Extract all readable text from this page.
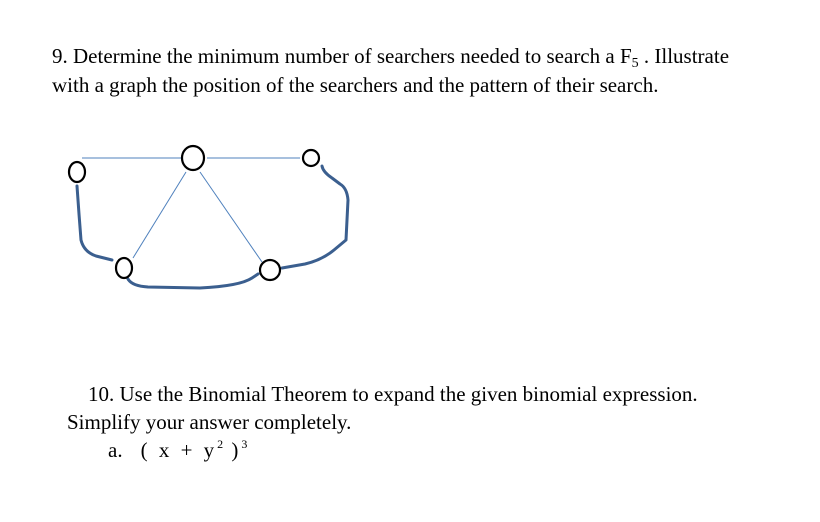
9. Determine the minimum number of searchers needed to search a $F_5$ . Illustrate
with a graph the position of the searchers and the pattern of their search.
10. Use the Binomial Theorem to expand the given binomial expression.
Simplify your answer completely.
a. ( $x + y^2$ )$^3$
